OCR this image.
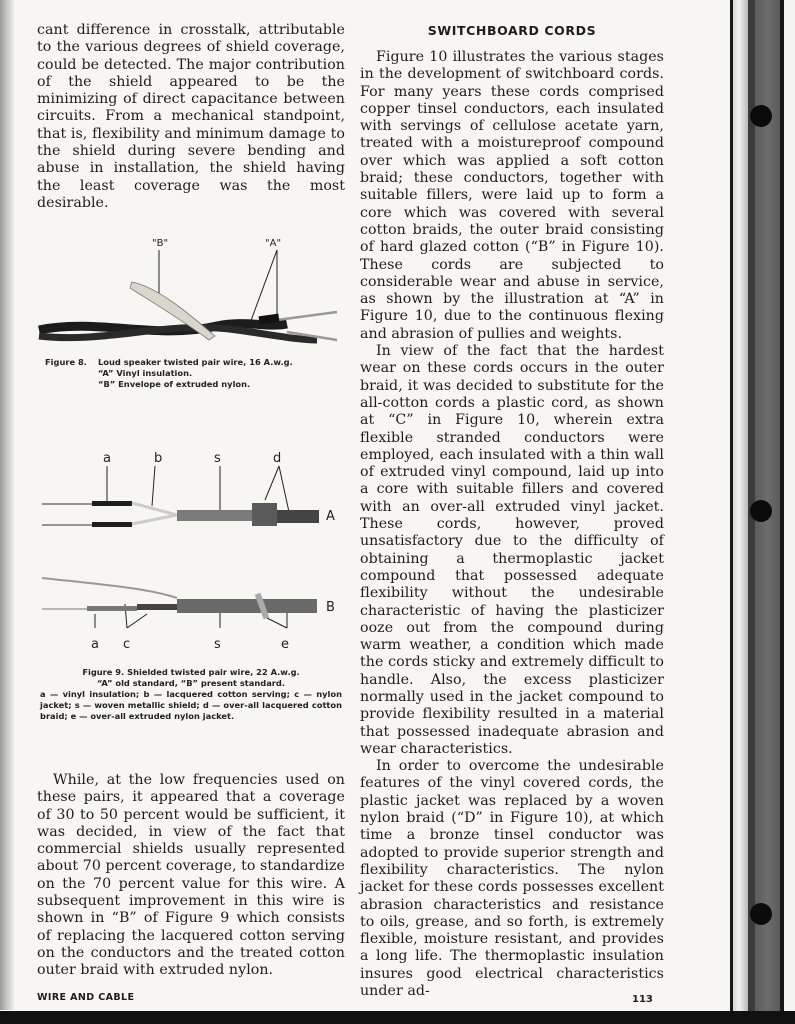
cant difference in crosstalk, attributable to the various degrees of shield coverage, could be detected. The major contribution of the shield appeared to be the minimizing of direct capacitance between circuits. From a mechanical standpoint, that is, flexibility and minimum damage to the shield during severe bending and abuse in installation, the shield having the least coverage was the most desirable.

"B"	"A"
Figure 8.	Loud speaker twisted pair wire, 16 A.w.g.
“A” Vinyl insulation.
“B” Envelope of extruded nylon.
a	b	s	d
A
B
a c	s	e
Figure 9. Shielded twisted pair wire, 22 A.w.g.
“A” old standard, “B” present standard.
a — vinyl insulation; b — lacquered cotton serving; c — nylon jacket; s — woven metallic shield; d — over-all lacquered cotton braid; e — over-all extruded nylon jacket.

While, at the low frequencies used on these pairs, it appeared that a coverage of 30 to 50 percent would be sufficient, it was decided, in view of the fact that commercial shields usually represented about 70 percent coverage, to standardize on the 70 percent value for this wire. A subsequent improvement in this wire is shown in “B” of Figure 9 which consists of replacing the lacquered cotton serving on the conductors and the treated cotton outer braid with extruded nylon.

SWITCHBOARD CORDS

Figure 10 illustrates the various stages in the development of switchboard cords. For many years these cords comprised copper tinsel conductors, each insulated with servings of cellulose acetate yarn, treated with a moistureproof compound over which was applied a soft cotton braid; these conductors, together with suitable fillers, were laid up to form a core which was covered with several cotton braids, the outer braid consisting of hard glazed cotton (“B” in Figure 10). These cords are subjected to considerable wear and abuse in service, as shown by the illustration at “A” in Figure 10, due to the continuous flexing and abrasion of pullies and weights.

In view of the fact that the hardest wear on these cords occurs in the outer braid, it was decided to substitute for the all-cotton cords a plastic cord, as shown at “C” in Figure 10, wherein extra flexible stranded conductors were employed, each insulated with a thin wall of extruded vinyl compound, laid up into a core with suitable fillers and covered with an over-all extruded vinyl jacket. These cords, however, proved unsatisfactory due to the difficulty of obtaining a thermoplastic jacket compound that possessed adequate flexibility without the undesirable characteristic of having the plasticizer ooze out from the compound during warm weather, a condition which made the cords sticky and extremely difficult to handle. Also, the excess plasticizer normally used in the jacket compound to provide flexibility resulted in a material that possessed inadequate abrasion and wear characteristics.

In order to overcome the undesirable features of the vinyl covered cords, the plastic jacket was replaced by a woven nylon braid (“D” in Figure 10), at which time a bronze tinsel conductor was adopted to provide superior strength and flexibility characteristics. The nylon jacket for these cords possesses excellent abrasion characteristics and resistance to oils, grease, and so forth, is extremely flexible, moisture resistant, and provides a long life. The thermoplastic insulation insures good electrical characteristics under ad-

WIRE AND CABLE	113
